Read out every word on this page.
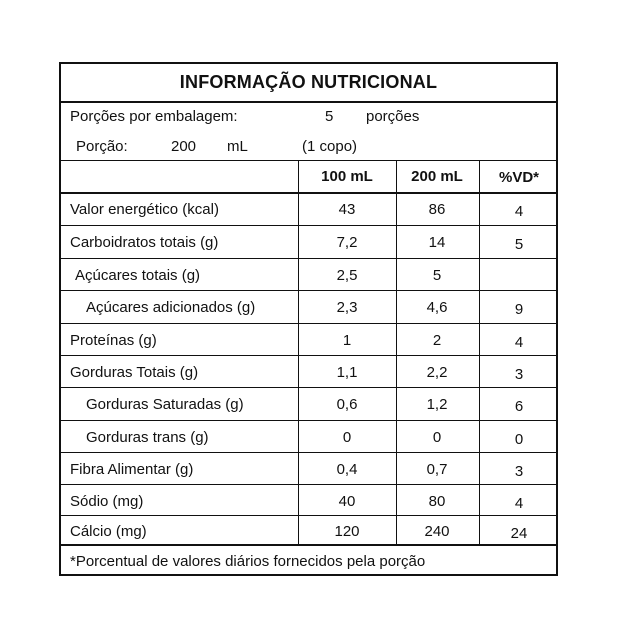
INFORMAÇÃO NUTRICIONAL
Porções por embalagem:	5 porções
Porção:	200 mL	(1 copo)
100 mL	200 mL	%VD*
Valor energético (kcal)	43	86	4
Carboidratos totais (g)	7,2	14	5
Açúcares totais (g)	2,5	5
Açúcares adicionados (g)	2,3	4,6	9
Proteínas (g)	1	2	4
Gorduras Totais (g)	1,1	2,2	3
Gorduras Saturadas (g)	0,6	1,2	6
Gorduras trans (g)	0	0	0
Fibra Alimentar (g)	0,4	0,7	3
Sódio (mg)	40	80	4
Cálcio (mg)	120	240	24
*Porcentual de valores diários fornecidos pela porção
